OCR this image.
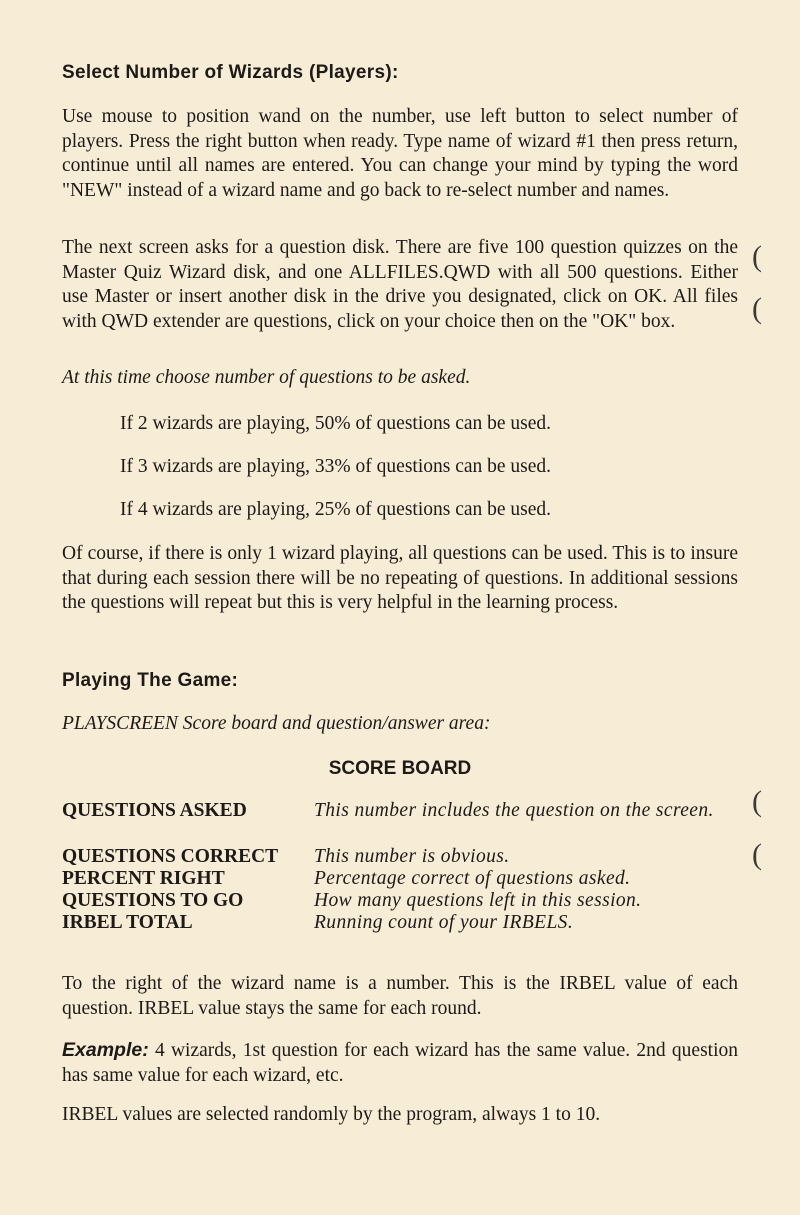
Select Number of Wizards (Players):

Use mouse to position wand on the number, use left button to select number of players. Press the right button when ready. Type name of wizard #1 then press return, continue until all names are entered. You can change your mind by typing the word "NEW" instead of a wizard name and go back to re-select number and names.

The next screen asks for a question disk. There are five 100 question quizzes on the Master Quiz Wizard disk, and one ALLFILES.QWD with all 500 questions. Either use Master or insert another disk in the drive you designated, click on OK. All files with QWD extender are questions, click on your choice then on the "OK" box.

At this time choose number of questions to be asked.

If 2 wizards are playing, 50% of questions can be used.

If 3 wizards are playing, 33% of questions can be used.

If 4 wizards are playing, 25% of questions can be used.

Of course, if there is only 1 wizard playing, all questions can be used. This is to insure that during each session there will be no repeating of questions. In additional sessions the questions will repeat but this is very helpful in the learning process.

Playing The Game:

PLAYSCREEN Score board and question/answer area:

SCORE BOARD

QUESTIONS ASKED	This number includes the question on the screen.
QUESTIONS CORRECT	This number is obvious.
PERCENT RIGHT	Percentage correct of questions asked.
QUESTIONS TO GO	How many questions left in this session.
IRBEL TOTAL	Running count of your IRBELS.

To the right of the wizard name is a number. This is the IRBEL value of each question. IRBEL value stays the same for each round.

Example: 4 wizards, 1st question for each wizard has the same value. 2nd question has same value for each wizard, etc.

IRBEL values are selected randomly by the program, always 1 to 10.

(
(
(
(
